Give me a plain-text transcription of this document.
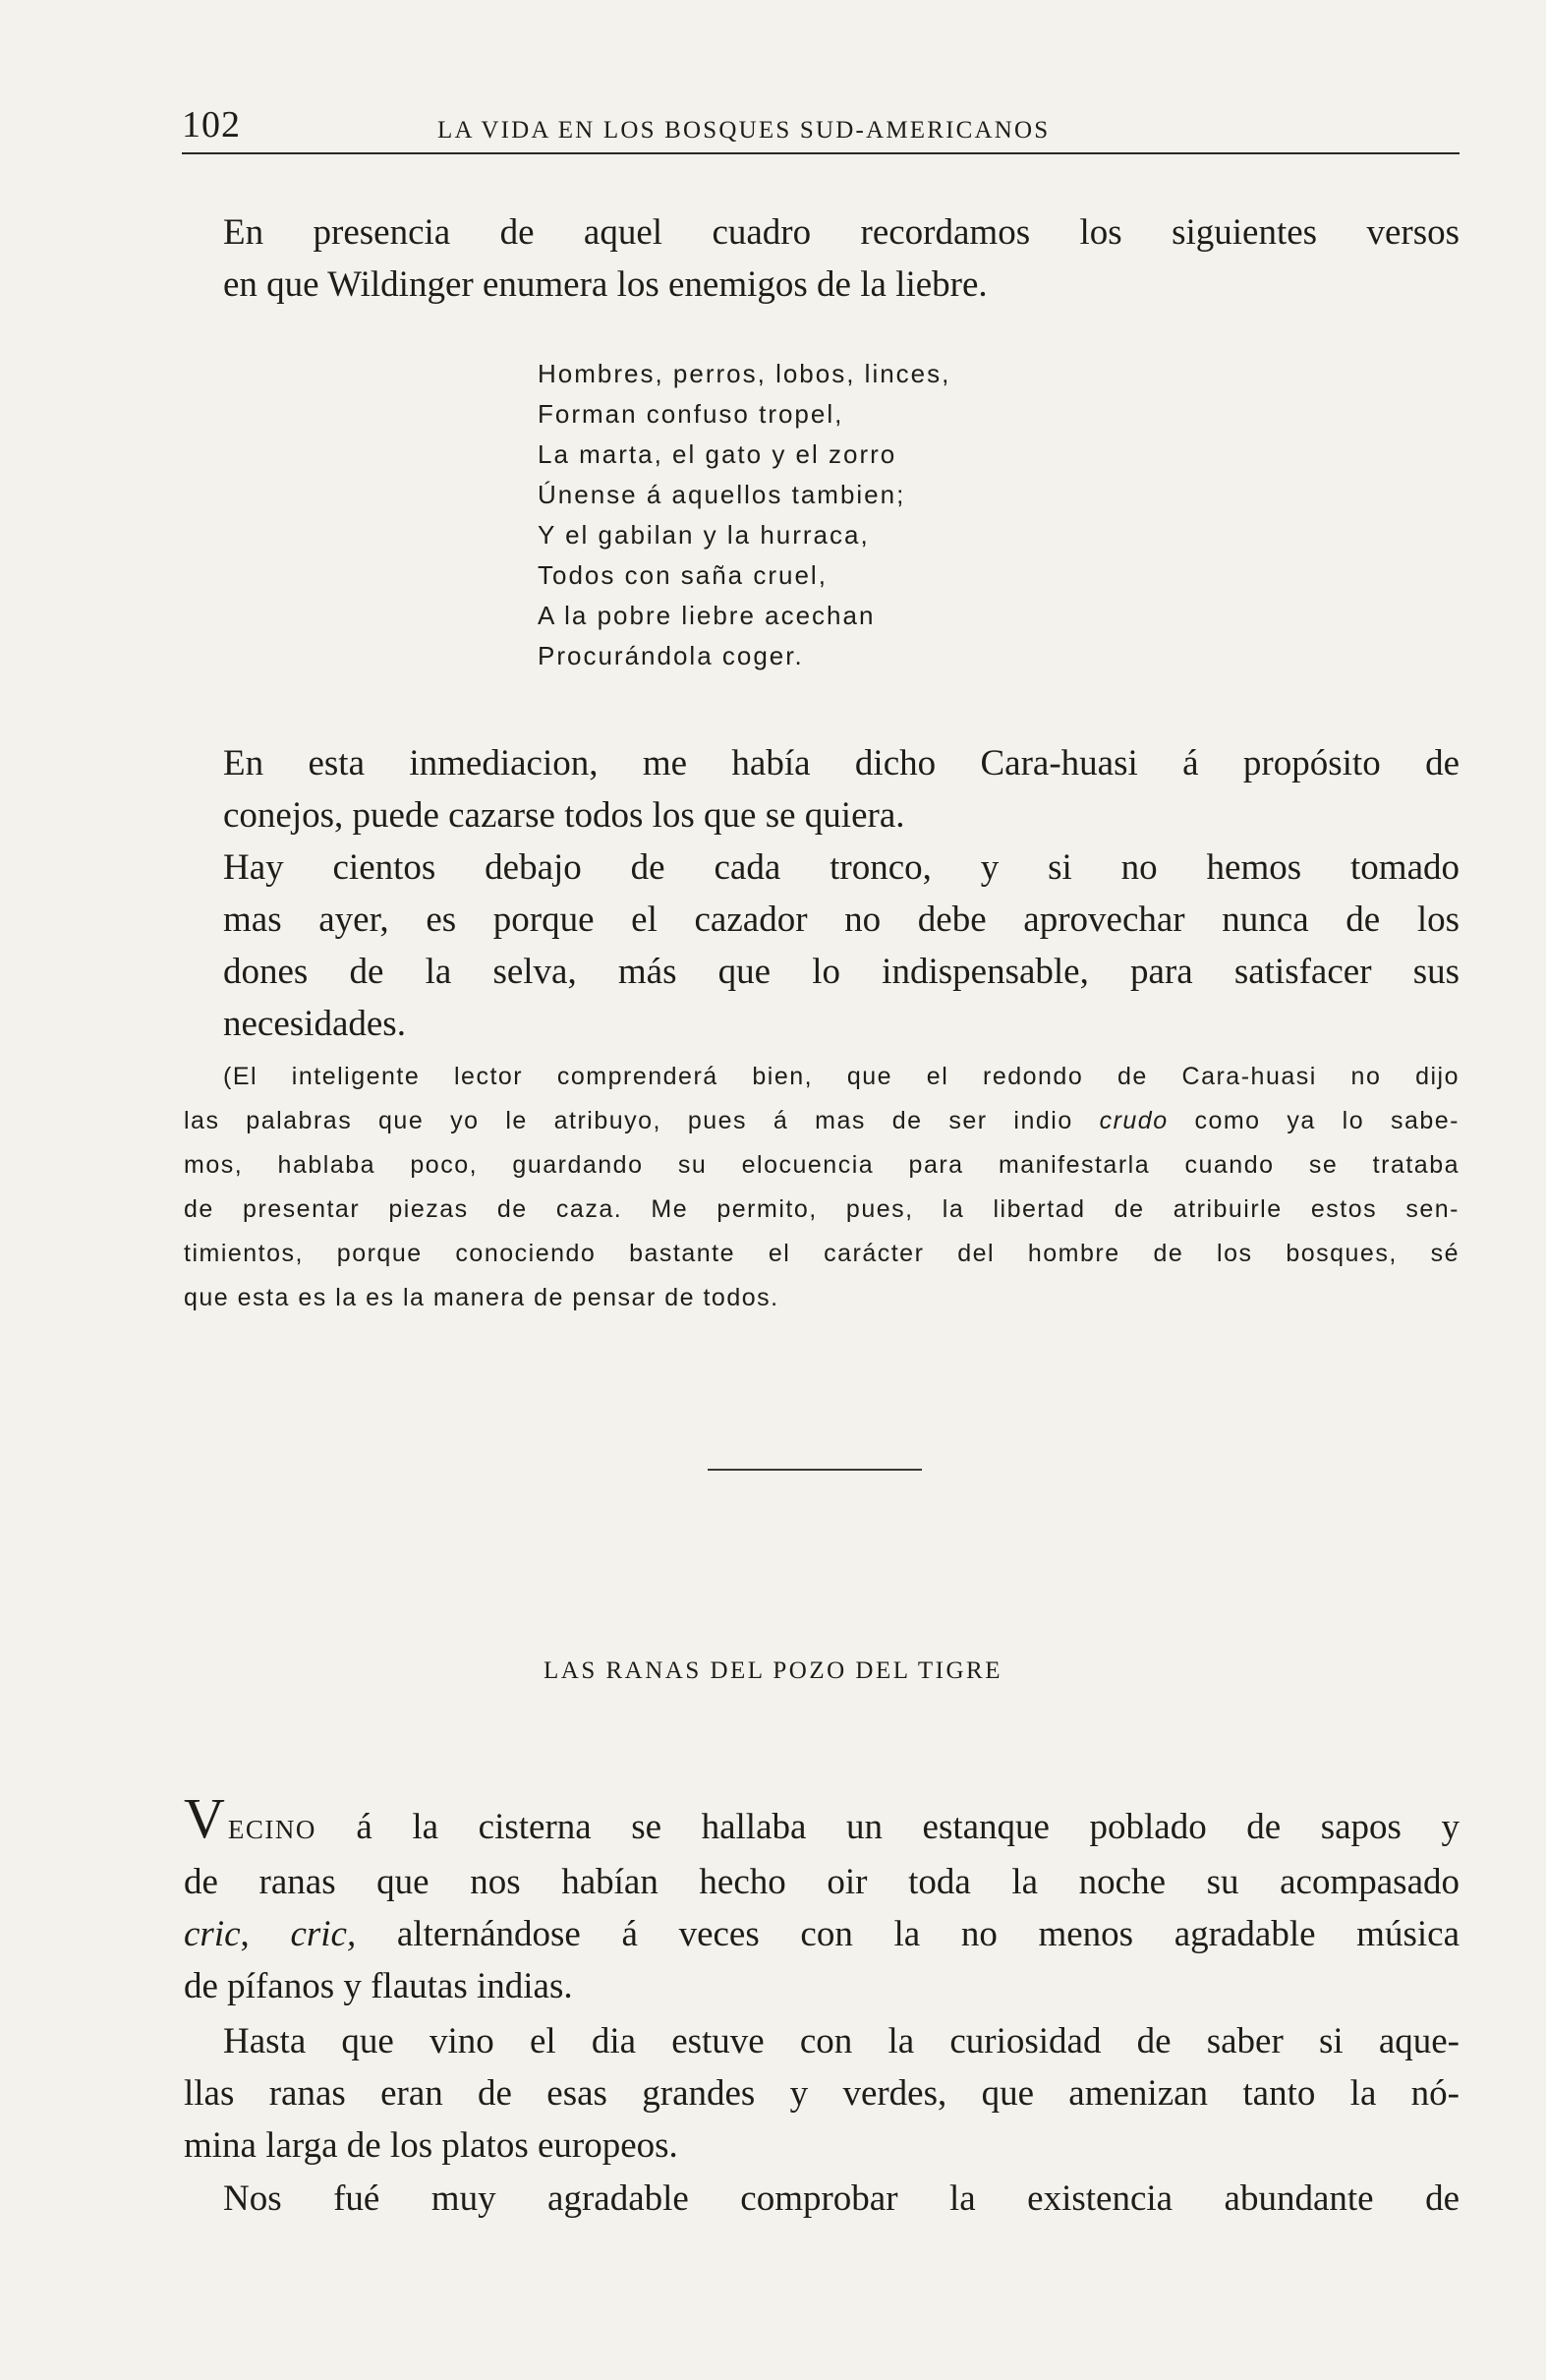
102	LA VIDA EN LOS BOSQUES SUD-AMERICANOS
En presencia de aquel cuadro recordamos los siguientes versos
en que Wildinger enumera los enemigos de la liebre.
Hombres, perros, lobos, linces,
Forman confuso tropel,
La marta, el gato y el zorro
Únense á aquellos tambien;
Y el gabilan y la hurraca,
Todos con saña cruel,
A la pobre liebre acechan
Procurándola coger.
En esta inmediacion, me había dicho Cara-huasi á propósito de
conejos, puede cazarse todos los que se quiera.
Hay cientos debajo de cada tronco, y si no hemos tomado
mas ayer, es porque el cazador no debe aprovechar nunca de los
dones de la selva, más que lo indispensable, para satisfacer sus
necesidades.
(El inteligente lector comprenderá bien, que el redondo de Cara-huasi no dijo
las palabras que yo le atribuyo, pues á mas de ser indio crudo como ya lo sabe-
mos, hablaba poco, guardando su elocuencia para manifestarla cuando se trataba
de presentar piezas de caza. Me permito, pues, la libertad de atribuirle estos sen-
timientos, porque conociendo bastante el carácter del hombre de los bosques, sé
que esta es la es la manera de pensar de todos.
LAS RANAS DEL POZO DEL TIGRE
VECINO á la cisterna se hallaba un estanque poblado de sapos y
de ranas que nos habían hecho oir toda la noche su acompasado
cric, cric, alternándose á veces con la no menos agradable música
de pífanos y flautas indias.
Hasta que vino el dia estuve con la curiosidad de saber si aque-
llas ranas eran de esas grandes y verdes, que amenizan tanto la nó-
mina larga de los platos europeos.
Nos fué muy agradable comprobar la existencia abundante de
